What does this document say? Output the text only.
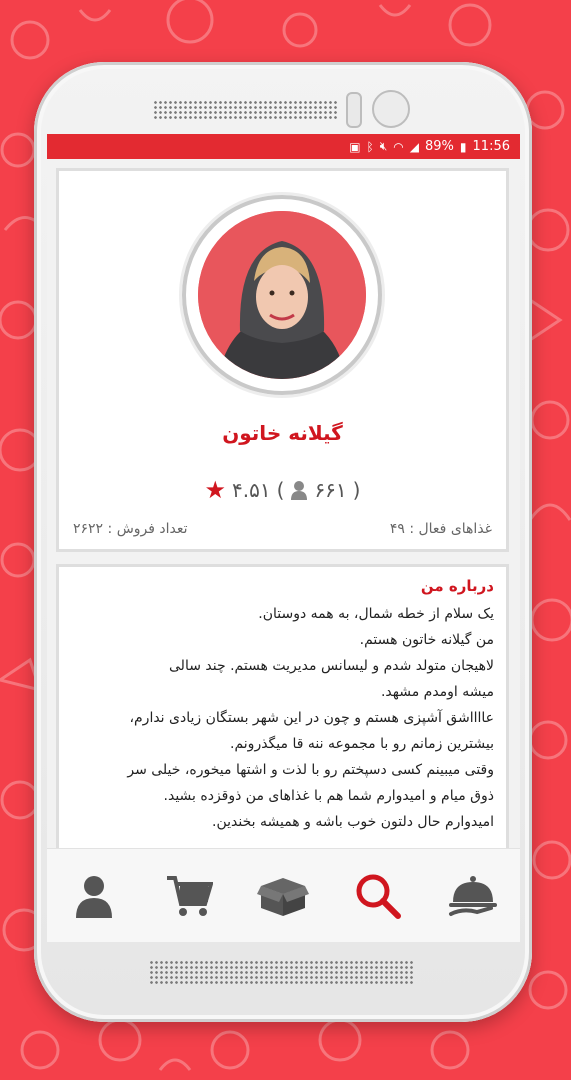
▣ ᛒ 🔇︎ ◠ ◢ 89% ▮ 11:56
گیلانه خاتون
★ ۴.۵۱ ( ۶۶۱ )
تعداد فروش : ۲۶۲۲	غذاهای فعال : ۴۹
درباره من
یک سلام از خطه شمال، به همه دوستان.
من گیلانه خاتون هستم.
لاهیجان متولد شدم و لیسانس مدیریت هستم. چند سالی
میشه اومدم مشهد.
عااااشق آشپزی هستم و چون در این شهر بستگان زیادی ندارم،
بیشترین زمانم رو با مجموعه ننه قا میگذرونم.
وقتی میبینم کسی دسپختم رو با لذت و اشتها میخوره، خیلی سر
ذوق میام و امیدوارم شما هم با غذاهای من ذوقزده بشید.
امیدوارم حال دلتون خوب باشه و همیشه بخندین.
